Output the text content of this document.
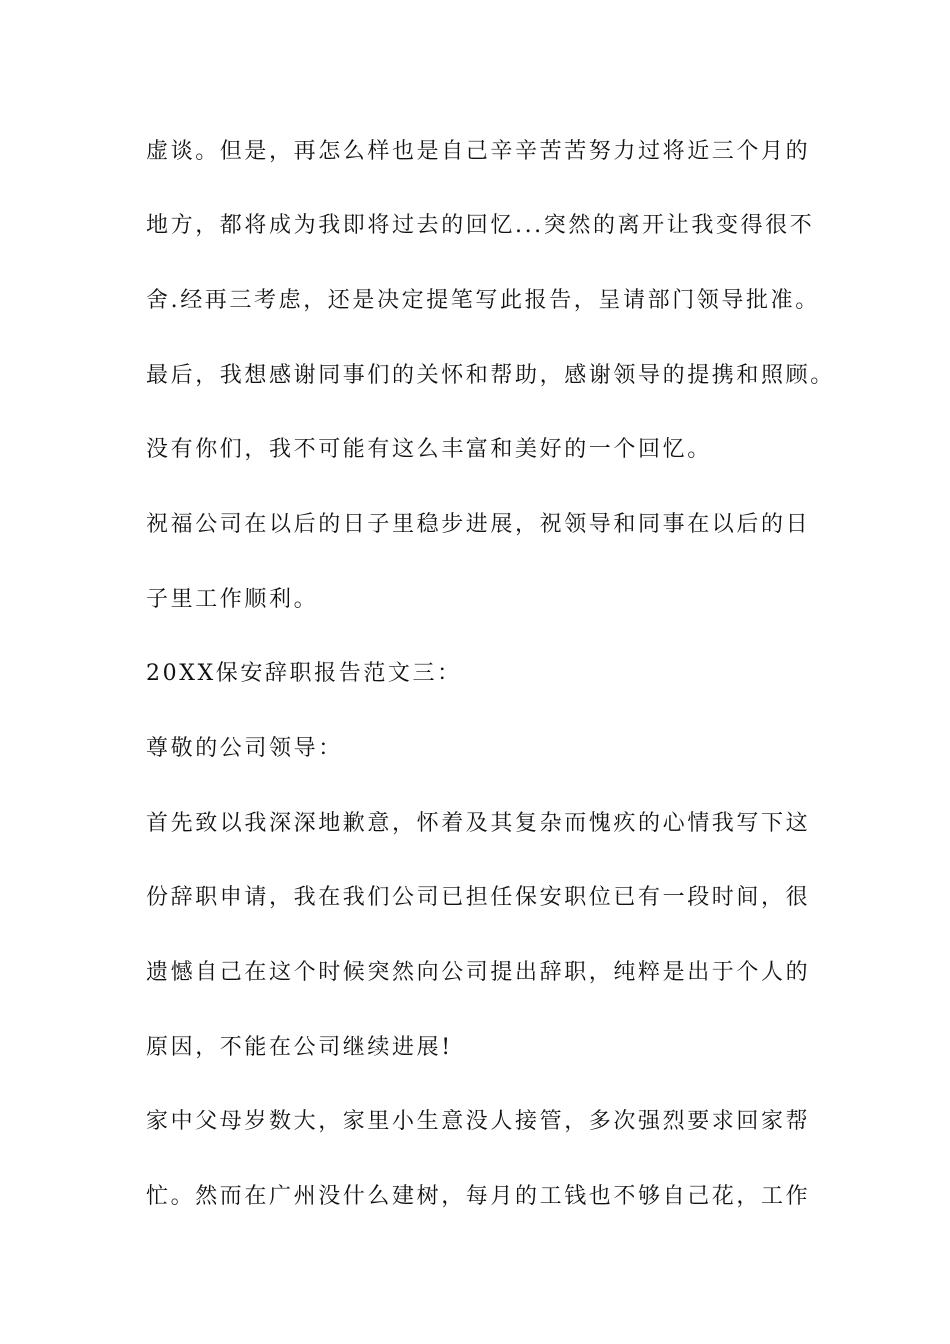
虚谈。但是，再怎么样也是自己辛辛苦苦努力过将近三个月的
地方，都将成为我即将过去的回忆...突然的离开让我变得很不
舍.经再三考虑，还是决定提笔写此报告，呈请部门领导批准。
最后，我想感谢同事们的关怀和帮助，感谢领导的提携和照顾。
没有你们，我不可能有这么丰富和美好的一个回忆。
祝福公司在以后的日子里稳步进展，祝领导和同事在以后的日
子里工作顺利。
20XX保安辞职报告范文三：
尊敬的公司领导：
首先致以我深深地歉意，怀着及其复杂而愧疚的心情我写下这
份辞职申请，我在我们公司已担任保安职位已有一段时间，很
遗憾自己在这个时候突然向公司提出辞职，纯粹是出于个人的
原因，不能在公司继续进展!
家中父母岁数大，家里小生意没人接管，多次强烈要求回家帮
忙。然而在广州没什么建树，每月的工钱也不够自己花，工作
